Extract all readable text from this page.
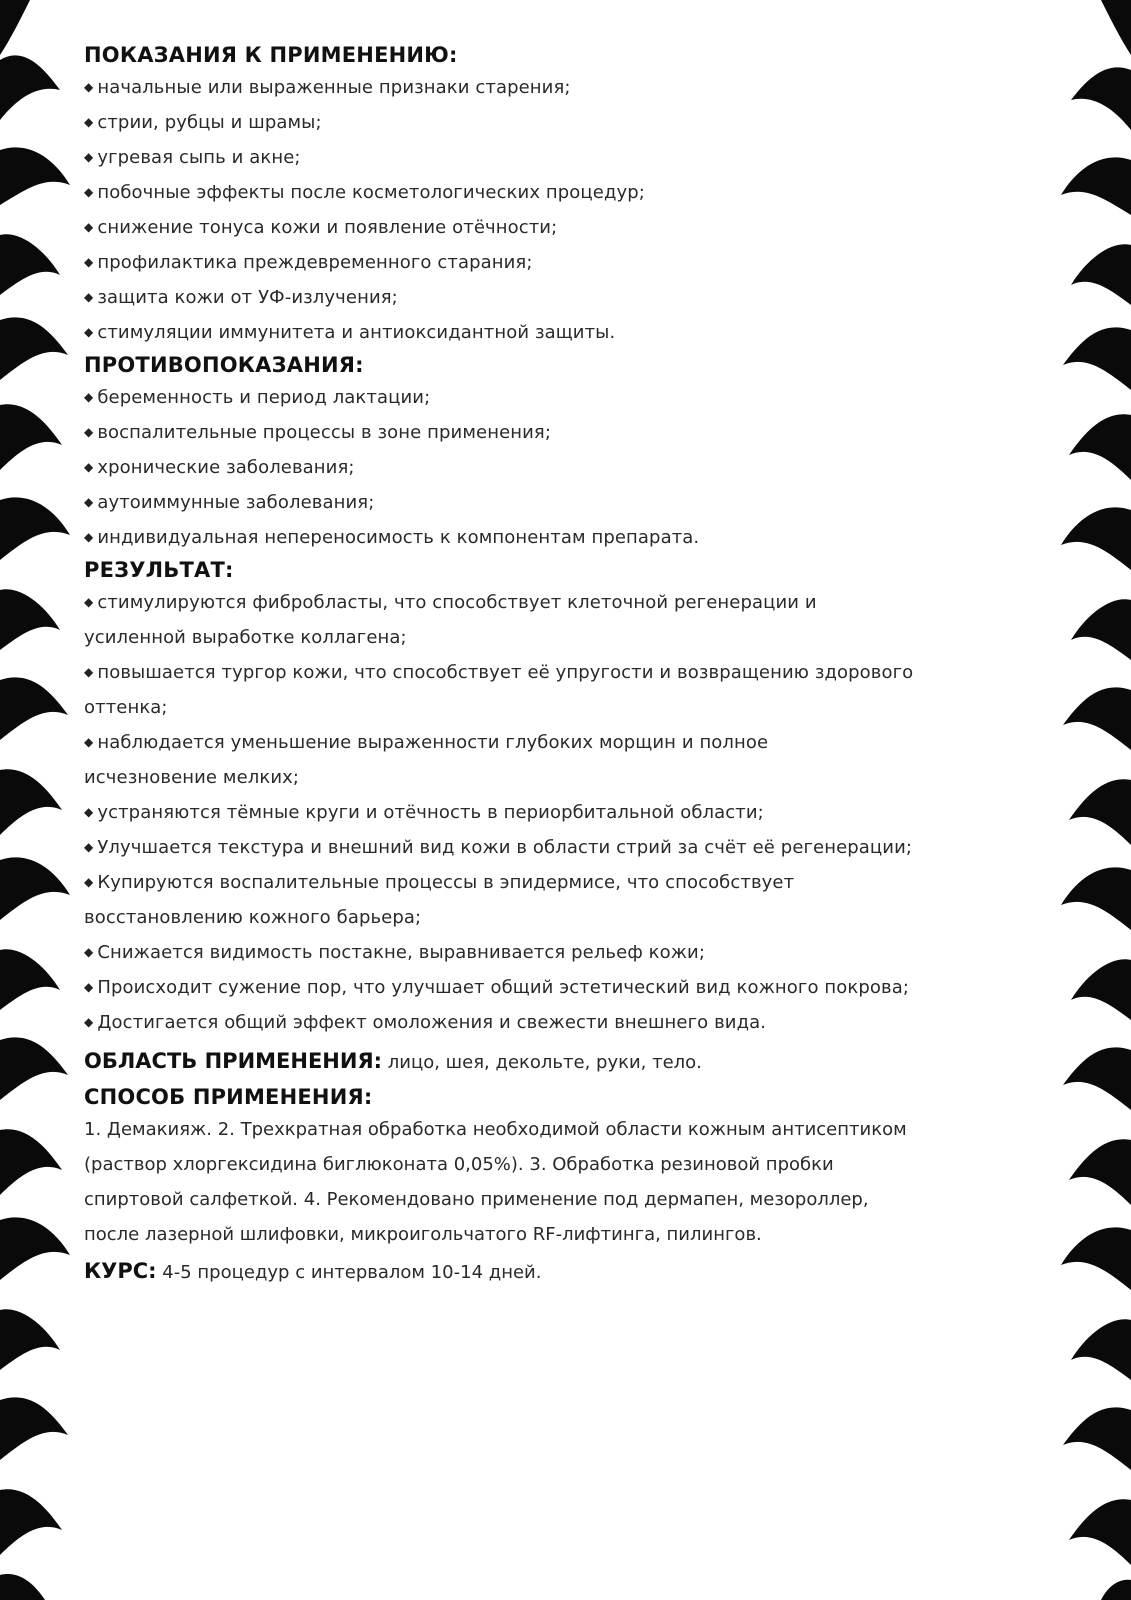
ПОКАЗАНИЯ К ПРИМЕНЕНИЮ:

◆ начальные или выраженные признаки старения;

◆ стрии, рубцы и шрамы;

◆ угревая сыпь и акне;

◆ побочные эффекты после косметологических процедур;

◆ снижение тонуса кожи и появление отёчности;

◆ профилактика преждевременного старания;

◆ защита кожи от УФ-излучения;

◆ стимуляции иммунитета и антиоксидантной защиты.

ПРОТИВОПОКАЗАНИЯ:

◆ беременность и период лактации;

◆ воспалительные процессы в зоне применения;

◆ хронические заболевания;

◆ аутоиммунные заболевания;

◆ индивидуальная непереносимость к компонентам препарата.

РЕЗУЛЬТАТ:

◆ стимулируются фибробласты, что способствует клеточной регенерации и
усиленной выработке коллагена;

◆ повышается тургор кожи, что способствует её упругости и возвращению здорового
оттенка;

◆ наблюдается уменьшение выраженности глубоких морщин и полное
исчезновение мелких;

◆ устраняются тёмные круги и отёчность в периорбитальной области;

◆ Улучшается текстура и внешний вид кожи в области стрий за счёт её регенерации;

◆ Купируются воспалительные процессы в эпидермисе, что способствует
восстановлению кожного барьера;

◆ Снижается видимость постакне, выравнивается рельеф кожи;

◆ Происходит сужение пор, что улучшает общий эстетический вид кожного покрова;

◆ Достигается общий эффект омоложения и свежести внешнего вида.

ОБЛАСТЬ ПРИМЕНЕНИЯ: лицо, шея, декольте, руки, тело.

СПОСОБ ПРИМЕНЕНИЯ:

1. Демакияж. 2. Трехкратная обработка необходимой области кожным антисептиком

(раствор хлоргексидина биглюконата 0,05%). 3. Обработка резиновой пробки

спиртовой салфеткой. 4. Рекомендовано применение под дермапен, мезороллер,

после лазерной шлифовки, микроигольчатого RF-лифтинга, пилингов.

КУРС: 4-5 процедур с интервалом 10-14 дней.
